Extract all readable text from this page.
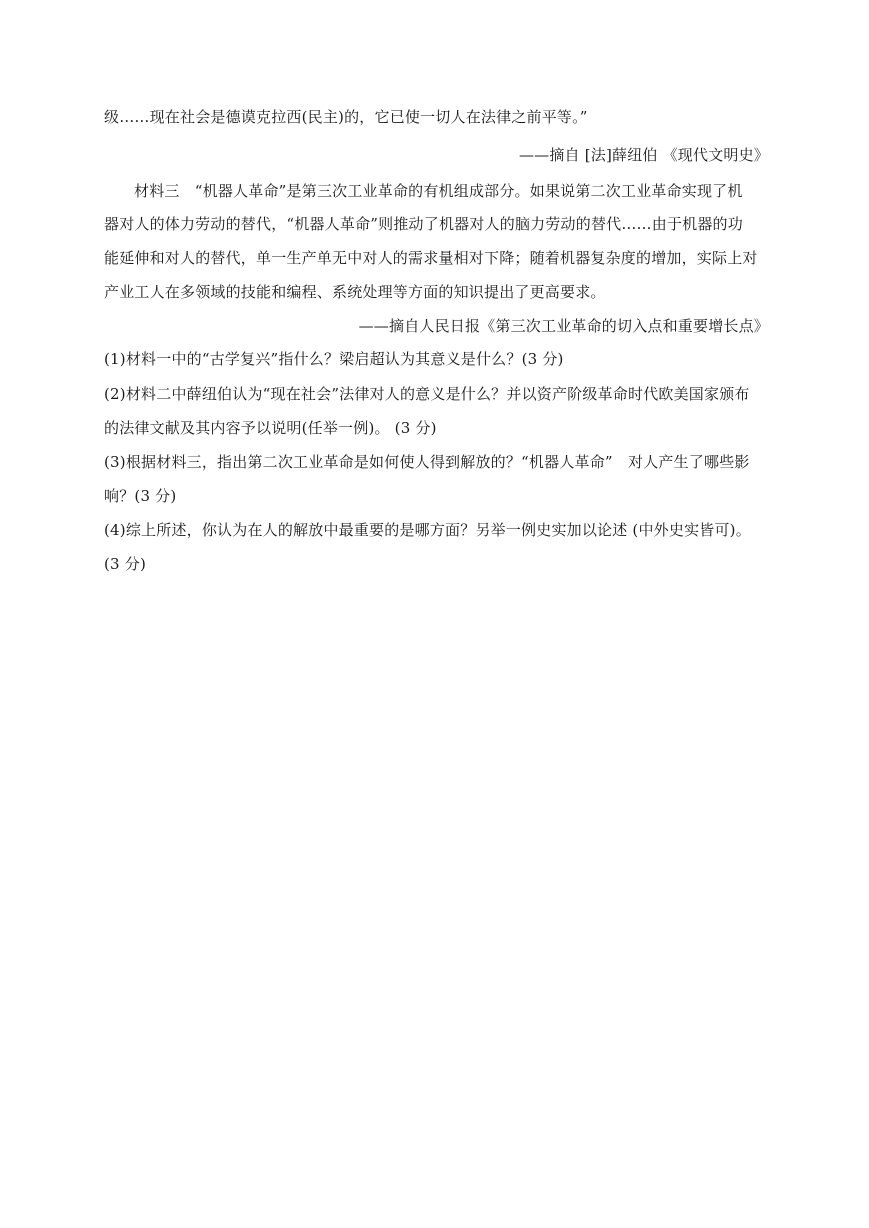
级……现在社会是德谟克拉西(民主)的，它已使一切人在法律之前平等。”
——摘自 [法]薛纽伯 《现代文明史》
材料三　“机器人革命”是第三次工业革命的有机组成部分。如果说第二次工业革命实现了机
器对人的体力劳动的替代，“机器人革命”则推动了机器对人的脑力劳动的替代……由于机器的功
能延伸和对人的替代，单一生产单无中对人的需求量相对下降；随着机器复杂度的增加，实际上对
产业工人在多领域的技能和编程、系统处理等方面的知识提出了更高要求。
——摘自人民日报《第三次工业革命的切入点和重要增长点》
(1)材料一中的“古学复兴”指什么？梁启超认为其意义是什么？(3 分)
(2)材料二中薛纽伯认为“现在社会”法律对人的意义是什么？并以资产阶级革命时代欧美国家颁布
的法律文献及其内容予以说明(任举一例)。 (3 分)
(3)根据材料三，指出第二次工业革命是如何使人得到解放的？“机器人革命”　对人产生了哪些影
响？(3 分)
(4)综上所述，你认为在人的解放中最重要的是哪方面？另举一例史实加以论述 (中外史实皆可)。
(3 分)
